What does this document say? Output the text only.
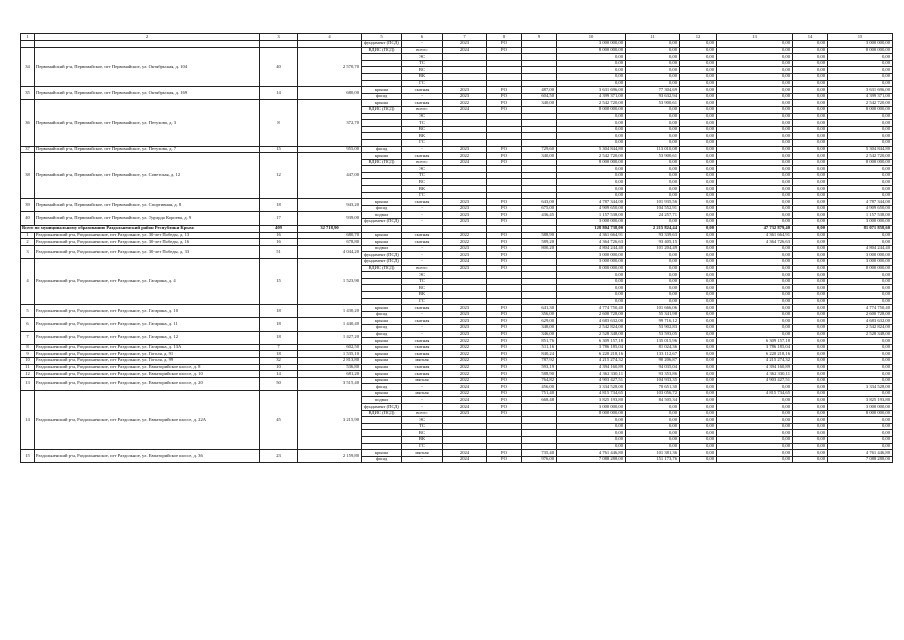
1	2	3	4	5	6	7	8	9	10	11	12	13	14	15
				фундамент (ПСД)	-	2023	РО		3 000 000,00	0,00	0,00	0,00	0,00	3 000 000,00
34	Первомайский р-н, Первомайское, пгт Первомайское, ул. Октябрьская, д. 104	40	2 570,70	ВДИС (ПСД)	всего:	2024	РО		8 000 000,00	0,00	0,00	0,00	0,00	8 000 000,00
					ЭС				0,00	0,00	0,00	0,00	0,00	0,00
					ТС				0,00	0,00	0,00	0,00	0,00	0,00
					ВС				0,00	0,00	0,00	0,00	0,00	0,00
					ВК				0,00	0,00	0,00	0,00	0,00	0,00
					ГС				0,00	0,00	0,00	0,00	0,00	0,00
35	Первомайский р-н, Первомайское, пгт Первомайское, ул. Октябрьская, д. 169	14	680,00	крыша	скатная	2023	РО	487,00	3 631 696,00	77 304,69	0,00	0,00	0,00	3 631 696,00
				фасад	-	2023	РО	604,50	4 399 371,00	93 632,94	0,00	0,00	0,00	4 399 371,00
36	Первомайский р-н, Первомайское, пгт Первомайское, ул. Петухова, д. 3	8	372,70	крыша	скатная	2022	РО	340,00	2 542 720,00	53 900,61	0,00	0,00	0,00	2 542 720,00
				ВДИС (ПСД)	всего:	2024	РО		8 000 000,00	0,00	0,00	0,00	0,00	8 000 000,00
					ЭС				0,00	0,00	0,00	0,00	0,00	0,00
					ТС				0,00	0,00	0,00	0,00	0,00	0,00
					ВС				0,00	0,00	0,00	0,00	0,00	0,00
					ВК				0,00	0,00	0,00	0,00	0,00	0,00
					ГС				0,00	0,00	0,00	0,00	0,00	0,00
37	Первомайский р-н, Первомайское, пгт Первомайское, ул. Петухова, д. 7	15	955,00	фасад	-	2023	РО	729,60	5 304 844,80	113 010,08	0,00	0,00	0,00	5 304 844,80
38	Первомайский р-н, Первомайское, пгт Первомайское, ул. Советская, д. 12	12	447,00	крыша	скатная	2022	РО	340,00	2 542 720,00	53 900,61	0,00	0,00	0,00	2 542 720,00
				ВДИС (ПСД)	всего:	2024	РО		8 000 000,00	0,00	0,00	0,00	0,00	8 000 000,00
					ЭС				0,00	0,00	0,00	0,00	0,00	0,00
					ТС				0,00	0,00	0,00	0,00	0,00	0,00
					ВС				0,00	0,00	0,00	0,00	0,00	0,00
					ВК				0,00	0,00	0,00	0,00	0,00	0,00
					ГС				0,00	0,00	0,00	0,00	0,00	0,00
39	Первомайский р-н, Первомайское, пгт Первомайское, ул. Спортивная, д. 8	18	943,20	крыша	скатная	2023	РО	643,00	4 787 344,00	101 935,56	0,00	0,00	0,00	4 787 344,00
				фасад	-	2023	РО	675,00	4 909 650,00	104 552,91	0,00	0,00	0,00	4 909 650,00
40	Первомайский р-н, Первомайское, пгт Первомайское, ул. Эдуарда Короева, д. 9	17	939,00	подвал	-	2023	РО	436,45	1 157 538,00	24 257,71	0,00	0,00	0,00	1 157 538,00
				фундамент (ПСД)	-	2023	РО		3 000 000,00	0,00	0,00	0,00	0,00	3 000 000,00
Всего по муниципальному образованию Раздольненский район Республики Крым:		409	32 718,90						128 804 738,00	2 215 824,44	0,00	47 732 879,40	0,00	81 071 858,60
1	Раздольненский р-н, Раздольненское, пгт Раздольное, ул. 30-лет Победы, д. 13	16	680,70	крыша	скатная	2022	РО	588,90	4 361 664,91	93 339,63	0,00	4 361 664,91	0,00	0,00
2	Раздольненский р-н, Раздольненское, пгт Раздольное, ул. 30-лет Победы, д. 16	16	678,80	крыша	скатная	2022	РО	589,20	4 364 726,63	93 405,15	0,00	4 364 726,63	0,00	0,00
3	Раздольненский р-н, Раздольненское, пгт Раздольное, ул. 30-лет Победы, д. 33	51	4 044,20	подвал	-	2023	РО	800,20	4 804 244,40	101 204,49	0,00	0,00	0,00	4 804 244,40
				фундамент (ПСД)	-	2023	РО		3 000 000,00	0,00	0,00	0,00	0,00	3 000 000,00
4	Раздольненский р-н, Раздольненское, пгт Раздольное, ул. Гагарина, д. 4	15	1 523,90	фундамент (ПСД)	-	2024	РО		3 000 000,00	0,00	0,00	0,00	0,00	3 000 000,00
				ВДИС (ПСД)	всего:	2023	РО		8 000 000,00	0,00	0,00	0,00	0,00	8 000 000,00
					ЭС				0,00	0,00	0,00	0,00	0,00	0,00
					ТС				0,00	0,00	0,00	0,00	0,00	0,00
					ВС				0,00	0,00	0,00	0,00	0,00	0,00
					ВК				0,00	0,00	0,00	0,00	0,00	0,00
					ГС				0,00	0,00	0,00	0,00	0,00	0,00
5	Раздольненский р-н, Раздольненское, пгт Раздольное, ул. Гагарина, д. 10	18	1 430,20	крыша	скатная	2023	РО	641,30	4 774 750,40	101 666,06	0,00	0,00	0,00	4 774 750,40
				фасад	-	2023	РО	356,00	2 600 728,00	55 341,98	0,00	0,00	0,00	2 600 728,00
6	Раздольненский р-н, Раздольненское, пгт Раздольное, ул. Гагарина, д. 11	18	1 440,40	крыша	скатная	2023	РО	629,00	4 683 632,00	99 716,12	0,00	0,00	0,00	4 683 632,00
				фасад	-	2023	РО	348,00	2 542 824,00	53 902,83	0,00	0,00	0,00	2 542 824,00
7	Раздольненский р-н, Раздольненское, пгт Раздольное, ул. Гагарина, д. 12	18	1 427,20	фасад	-	2023	РО	346,00	2 528 348,00	53 593,05	0,00	0,00	0,00	2 528 348,00
				крыша	скатная	2022	РО	851,76	6 309 157,18	135 015,96	0,00	6 309 157,18	0,00	0,00
8	Раздольненский р-н, Раздольненское, пгт Раздольное, ул. Гагарина, д. 13А	7	602,50	крыша	скатная	2022	РО	511,16	3 786 185,04	81 024,36	0,00	3 786 185,04	0,00	0,00
9	Раздольненский р-н, Раздольненское, пгт Раздольное, ул. Гоголя, д. 91	18	1 535,10	крыша	скатная	2022	РО	840,24	6 220 218,16	133 112,67	0,00	6 220 218,16	0,00	0,00
10	Раздольненский р-н, Раздольненское, пгт Раздольное, ул. Гоголя, д. 99	32	2 813,80	крыша	мягкая	2022	РО	787,92	4 215 274,32	90 206,87	0,00	4 215 274,32	0,00	0,00
11	Раздольненский р-н, Раздольненское, пгт Раздольное, ул. Евпаторийское шоссе, д. 8	10	536,80	крыша	скатная	2022	РО	593,19	4 394 160,89	94 035,04	0,00	4 394 160,89	0,00	0,00
12	Раздольненский р-н, Раздольненское, пгт Раздольное, ул. Евпаторийское шоссе, д. 10	14	681,20	крыша	скатная	2022	РО	588,90	4 362 330,11	93 353,86	0,00	4 362 330,11	0,00	0,00
13	Раздольненский р-н, Раздольненское, пгт Раздольное, ул. Евпаторийское шоссе, д. 20	50	3 515,40	крыша	мягкая	2022	РО	764,82	4 903 427,51	104 933,35	0,00	4 903 427,51	0,00	0,00
				фасад	-	2024	РО	456,00	3 334 528,00	70 651,30	0,00	0,00	0,00	3 334 528,00
14	Раздольненский р-н, Раздольненское, пгт Раздольное, ул. Евпаторийское шоссе, д. 22А	45	3 215,90	крыша	мягкая	2022	РО	751,40	4 815 734,65	103 056,72	0,00	4 815 734,65	0,00	0,00
				подвал	-	2024	РО	668,48	3 825 193,80	84 505,34	0,00	0,00	0,00	3 825 193,80
				фундамент (ПСД)	-	2024	РО		3 000 000,00	0,00	0,00	0,00	0,00	3 000 000,00
				ВДИС (ПСД)	всего:	2023	РО		8 000 000,00	0,00	0,00	0,00	0,00	8 000 000,00
					ЭС				0,00	0,00	0,00	0,00	0,00	0,00
					ТС				0,00	0,00	0,00	0,00	0,00	0,00
					ВС				0,00	0,00	0,00	0,00	0,00	0,00
					ВК				0,00	0,00	0,00	0,00	0,00	0,00
					ГС				0,00	0,00	0,00	0,00	0,00	0,00
15	Раздольненский р-н, Раздольненское, пгт Раздольное, ул. Евпаторийское шоссе, д. 36	23	2 159,80	крыша	мягкая	2024	РО	735,40	4 761 446,80	101 381,36	0,00	0,00	0,00	4 761 446,80
				фасад	-	2024	РО	976,00	7 088 288,00	151 173,76	0,00	0,00	0,00	7 088 288,00
